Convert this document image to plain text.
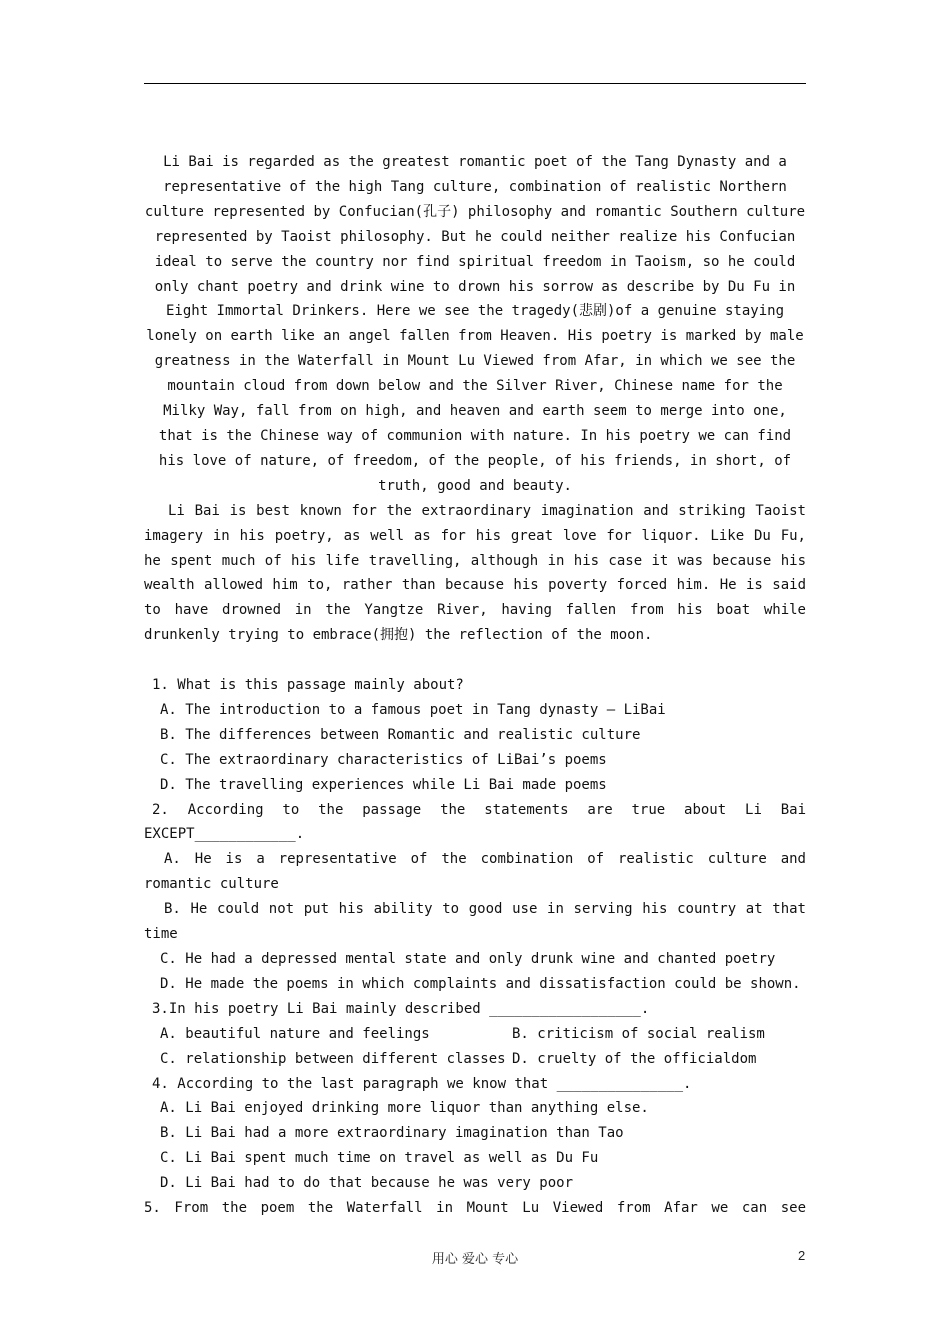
Li Bai is regarded as the greatest romantic poet of the Tang Dynasty and a representative of the high Tang culture, combination of realistic Northern culture represented by Confucian(孔子) philosophy and romantic Southern culture represented by Taoist philosophy. But he could neither realize his Confucian ideal to serve the country nor find spiritual freedom in Taoism, so he could only chant poetry and drink wine to drown his sorrow as describe by Du Fu in Eight Immortal Drinkers. Here we see the tragedy(悲剧)of a genuine staying lonely on earth like an angel fallen from Heaven. His poetry is marked by male greatness in the Waterfall in Mount Lu Viewed from Afar, in which we see the mountain cloud from down below and the Silver River, Chinese name for the Milky Way, fall from on high, and heaven and earth seem to merge into one, that is the Chinese way of communion with nature. In his poetry we can find his love of nature, of freedom, of the people, of his friends, in short, of truth, good and beauty.

Li Bai is best known for the extraordinary imagination and striking Taoist imagery in his poetry, as well as for his great love for liquor. Like Du Fu, he spent much of his life travelling, although in his case it was because his wealth allowed him to, rather than because his poverty forced him. He is said to have drowned in the Yangtze River, having fallen from his boat while drunkenly trying to embrace(拥抱) the reflection of the moon.

1. What is this passage mainly about?

A. The introduction to a famous poet in Tang dynasty — LiBai

B. The differences between Romantic and realistic culture

C. The extraordinary characteristics of LiBai’s poems

D. The travelling experiences while Li Bai made poems

2. According to the passage the statements are true about Li Bai EXCEPT____________.

A. He is a representative of the combination of realistic culture and romantic culture

B. He could not put his ability to good use in serving his country at that time

C. He had a depressed mental state and only drunk wine and chanted poetry

D. He made the poems in which complaints and dissatisfaction could be shown.

3.In his poetry Li Bai mainly described __________________.

A. beautiful nature and feelings	B. criticism of social realism
C. relationship between different classes D. cruelty of the officialdom

4. According to the last paragraph we know that _______________.

A. Li Bai enjoyed drinking more liquor than anything else.

B. Li Bai had a more extraordinary imagination than Tao

C. Li Bai spent much time on travel as well as Du Fu

D. Li Bai had to do that because he was very poor

5. From the poem the Waterfall in Mount Lu Viewed from Afar we can see

用心 爱心 专心	2
